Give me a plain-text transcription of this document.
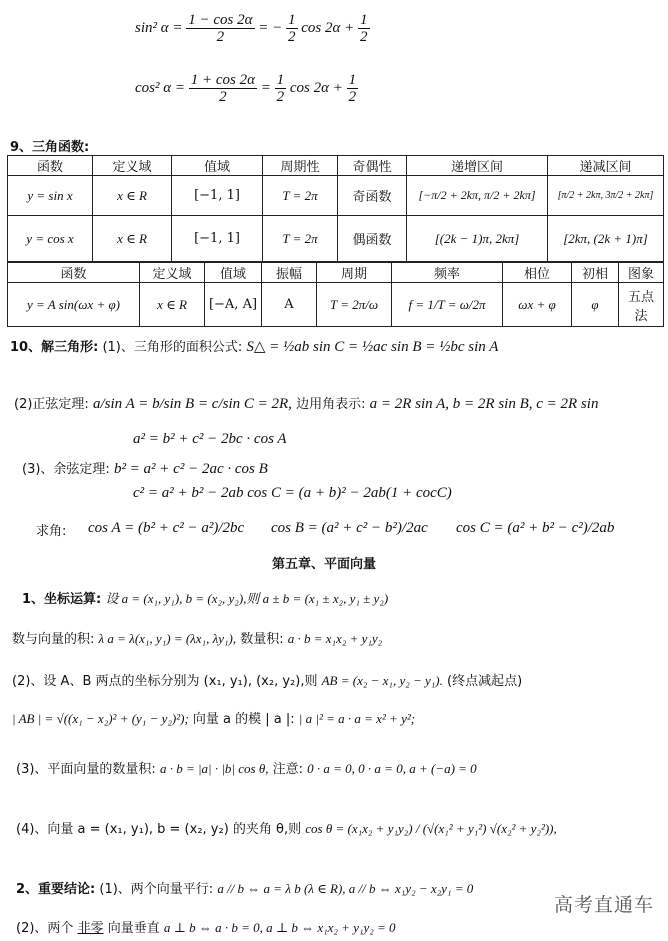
sin² $\alpha = \frac{1 - \cos 2\alpha}{2}$ = − $\frac{1}{2}$ $\cos 2\alpha + \frac{1}{2}$
cos² $\alpha = \frac{1 + \cos 2\alpha}{2} = \frac{1}{2}$ $\cos 2\alpha + \frac{1}{2}$
9、三角函数:
函数	定义域	值域	周期性	奇偶性	递增区间	递减区间
y = sin x	x ∈ R	[−1, 1]	T = 2π	奇函数	[−π/2 + 2kπ, π/2 + 2kπ]	[π/2 + 2kπ, 3π/2 + 2kπ]
y = cos x	x ∈ R	[−1, 1]	T = 2π	偶函数	[(2k − 1)π, 2kπ]	[2kπ, (2k + 1)π]
函数	定义域	值域	振幅	周期	频率	相位	初相	图象
y = A sin(ωx + φ)	x ∈ R	[−A, A]	A	T = 2π/ω	f = 1/T = ω/2π	ωx + φ	φ	五点法
10、解三角形: (1)、三角形的面积公式: S△ = ½ab sin C = ½ac sin B = ½bc sin A
(2)正弦定理: a/sin A = b/sin B = c/sin C = 2R, 边用角表示: a = 2R sin A, b = 2R sin B, c = 2R sin
a² = b² + c² − 2bc · cos A
(3)、余弦定理: b² = a² + c² − 2ac · cos B
c² = a² + b² − 2ab cos C = (a + b)² − 2ab(1 + cocC)
求角: cos A = (b² + c² − a²)/2bc cos B = (a² + c² − b²)/2ac cos C = (a² + b² − c²)/2ab
第五章、平面向量
1、坐标运算: 设 a = (x₁, y₁), b = (x₂, y₂),则 a ± b = (x₁ ± x₂, y₁ ± y₂)
数与向量的积: λ a = λ(x₁, y₁) = (λx₁, λy₁), 数量积: a · b = x₁x₂ + y₁y₂
(2)、设 A、B 两点的坐标分别为 (x₁, y₁), (x₂, y₂),则 AB = (x₂ − x₁, y₂ − y₁). (终点减起点)
| AB | = √((x₁ − x₂)² + (y₁ − y₂)²); 向量 a 的模 | a |: | a |² = a · a = x² + y²;
(3)、平面向量的数量积: a · b = |a| · |b| cos θ, 注意: 0 · a = 0, 0 · a = 0, a + (−a) = 0
(4)、向量 a = (x₁, y₁), b = (x₂, y₂) 的夹角 θ,则 cos θ = (x₁x₂ + y₁y₂) / (√(x₁² + y₁²) √(x₂² + y₂²)),
2、重要结论: (1)、两个向量平行: a // b ⇔ a = λ b (λ ∈ R), a // b ⇔ x₁y₂ − x₂y₁ = 0
(2)、两个 非零 向量垂直 a ⊥ b ⇔ a · b = 0, a ⊥ b ⇔ x₁x₂ + y₁y₂ = 0
高考直通车
